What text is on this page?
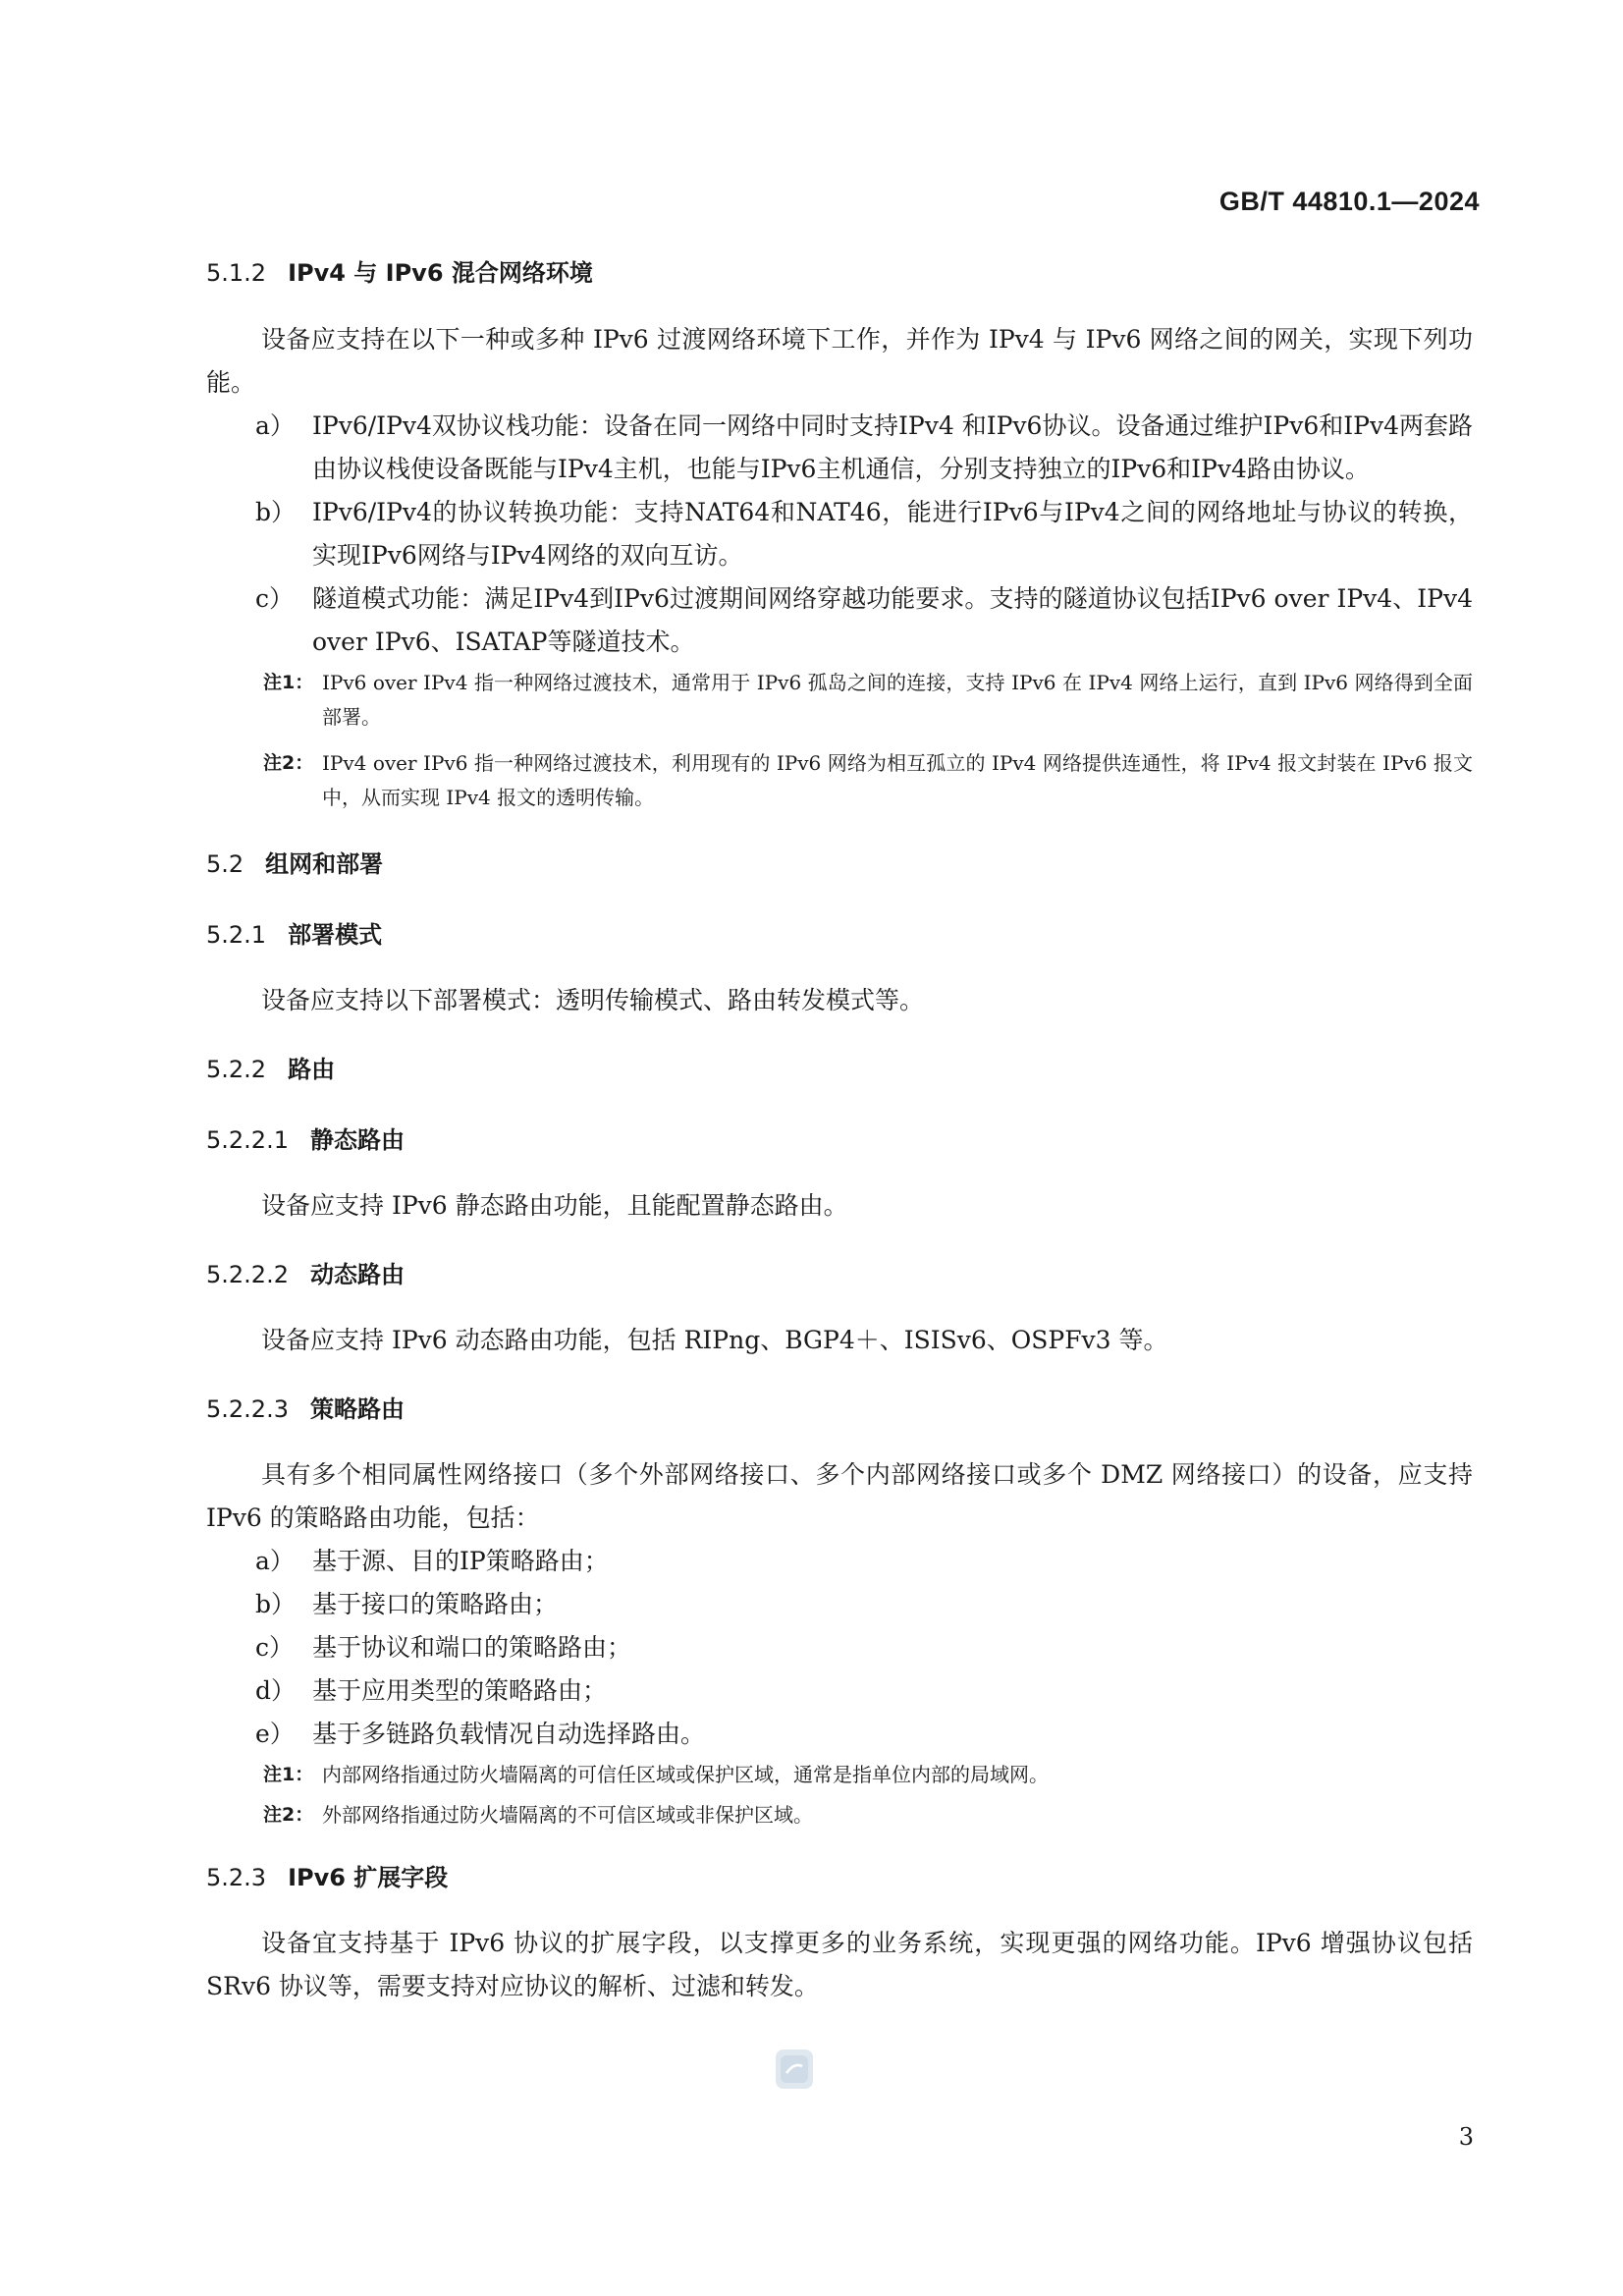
GB/T 44810.1—2024
5.1.2 IPv4 与 IPv6 混合网络环境

设备应支持在以下一种或多种 IPv6 过渡网络环境下工作，并作为 IPv4 与 IPv6 网络之间的网关，实现下列功能。

a） IPv6/IPv4双协议栈功能：设备在同一网络中同时支持IPv4 和IPv6协议。设备通过维护IPv6和IPv4两套路由协议栈使设备既能与IPv4主机，也能与IPv6主机通信，分别支持独立的IPv6和IPv4路由协议。
b） IPv6/IPv4的协议转换功能：支持NAT64和NAT46，能进行IPv6与IPv4之间的网络地址与协议的转换，实现IPv6网络与IPv4网络的双向互访。
c） 隧道模式功能：满足IPv4到IPv6过渡期间网络穿越功能要求。支持的隧道协议包括IPv6 over IPv4、IPv4 over IPv6、ISATAP等隧道技术。
注1： IPv6 over IPv4 指一种网络过渡技术，通常用于 IPv6 孤岛之间的连接，支持 IPv6 在 IPv4 网络上运行，直到 IPv6 网络得到全面部署。
注2： IPv4 over IPv6 指一种网络过渡技术，利用现有的 IPv6 网络为相互孤立的 IPv4 网络提供连通性，将 IPv4 报文封装在 IPv6 报文中，从而实现 IPv4 报文的透明传输。
5.2 组网和部署
5.2.1 部署模式

设备应支持以下部署模式：透明传输模式、路由转发模式等。

5.2.2 路由
5.2.2.1 静态路由

设备应支持 IPv6 静态路由功能，且能配置静态路由。

5.2.2.2 动态路由

设备应支持 IPv6 动态路由功能，包括 RIPng、BGP4＋、ISISv6、OSPFv3 等。

5.2.2.3 策略路由

具有多个相同属性网络接口（多个外部网络接口、多个内部网络接口或多个 DMZ 网络接口）的设备，应支持 IPv6 的策略路由功能，包括：

a） 基于源、目的IP策略路由；
b） 基于接口的策略路由；
c） 基于协议和端口的策略路由；
d） 基于应用类型的策略路由；
e） 基于多链路负载情况自动选择路由。
注1： 内部网络指通过防火墙隔离的可信任区域或保护区域，通常是指单位内部的局域网。
注2： 外部网络指通过防火墙隔离的不可信区域或非保护区域。
5.2.3 IPv6 扩展字段

设备宜支持基于 IPv6 协议的扩展字段，以支撑更多的业务系统，实现更强的网络功能。IPv6 增强协议包括 SRv6 协议等，需要支持对应协议的解析、过滤和转发。

3
